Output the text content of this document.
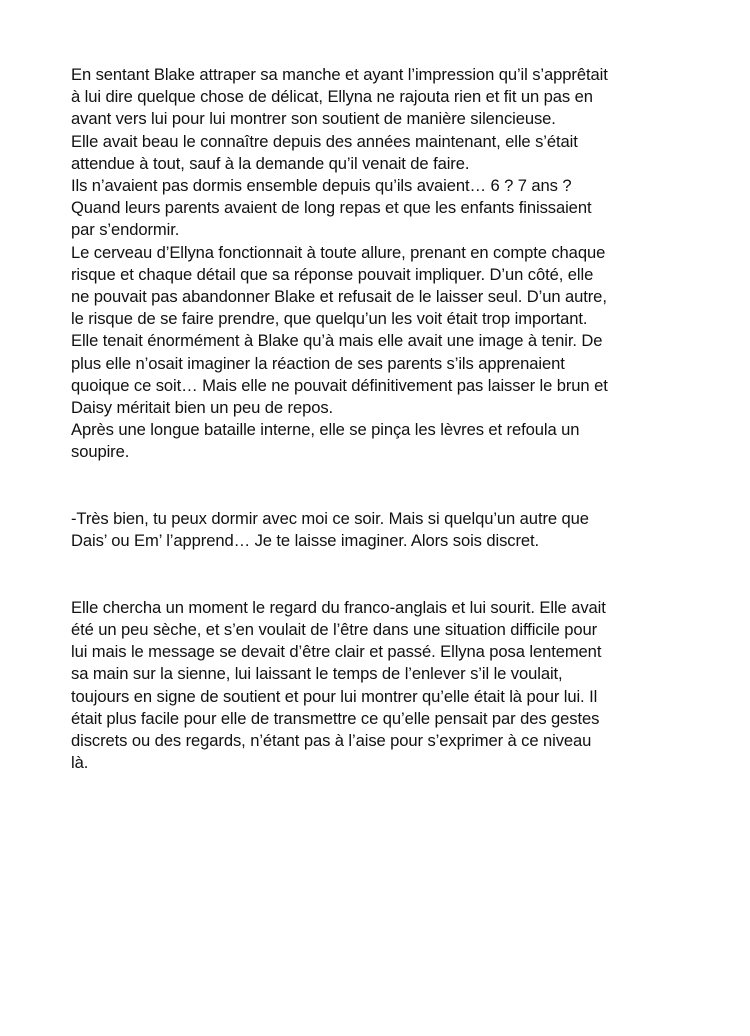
En sentant Blake attraper sa manche et ayant l’impression qu’il s’apprêtait
à lui dire quelque chose de délicat, Ellyna ne rajouta rien et fit un pas en
avant vers lui pour lui montrer son soutient de manière silencieuse.
Elle avait beau le connaître depuis des années maintenant, elle s’était
attendue à tout, sauf à la demande qu’il venait de faire.
Ils n’avaient pas dormis ensemble depuis qu’ils avaient… 6 ? 7 ans ?
Quand leurs parents avaient de long repas et que les enfants finissaient
par s’endormir.
Le cerveau d’Ellyna fonctionnait à toute allure, prenant en compte chaque
risque et chaque détail que sa réponse pouvait impliquer. D’un côté, elle
ne pouvait pas abandonner Blake et refusait de le laisser seul. D’un autre,
le risque de se faire prendre, que quelqu’un les voit était trop important.
Elle tenait énormément à Blake qu’à mais elle avait une image à tenir. De
plus elle n’osait imaginer la réaction de ses parents s’ils apprenaient
quoique ce soit… Mais elle ne pouvait définitivement pas laisser le brun et
Daisy méritait bien un peu de repos.
Après une longue bataille interne, elle se pinça les lèvres et refoula un
soupire.
-Très bien, tu peux dormir avec moi ce soir. Mais si quelqu’un autre que
Dais’ ou Em’ l’apprend… Je te laisse imaginer. Alors sois discret.
Elle chercha un moment le regard du franco-anglais et lui sourit. Elle avait
été un peu sèche, et s’en voulait de l’être dans une situation difficile pour
lui mais le message se devait d’être clair et passé. Ellyna posa lentement
sa main sur la sienne, lui laissant le temps de l’enlever s’il le voulait,
toujours en signe de soutient et pour lui montrer qu’elle était là pour lui. Il
était plus facile pour elle de transmettre ce qu’elle pensait par des gestes
discrets ou des regards, n’étant pas à l’aise pour s’exprimer à ce niveau
là.
